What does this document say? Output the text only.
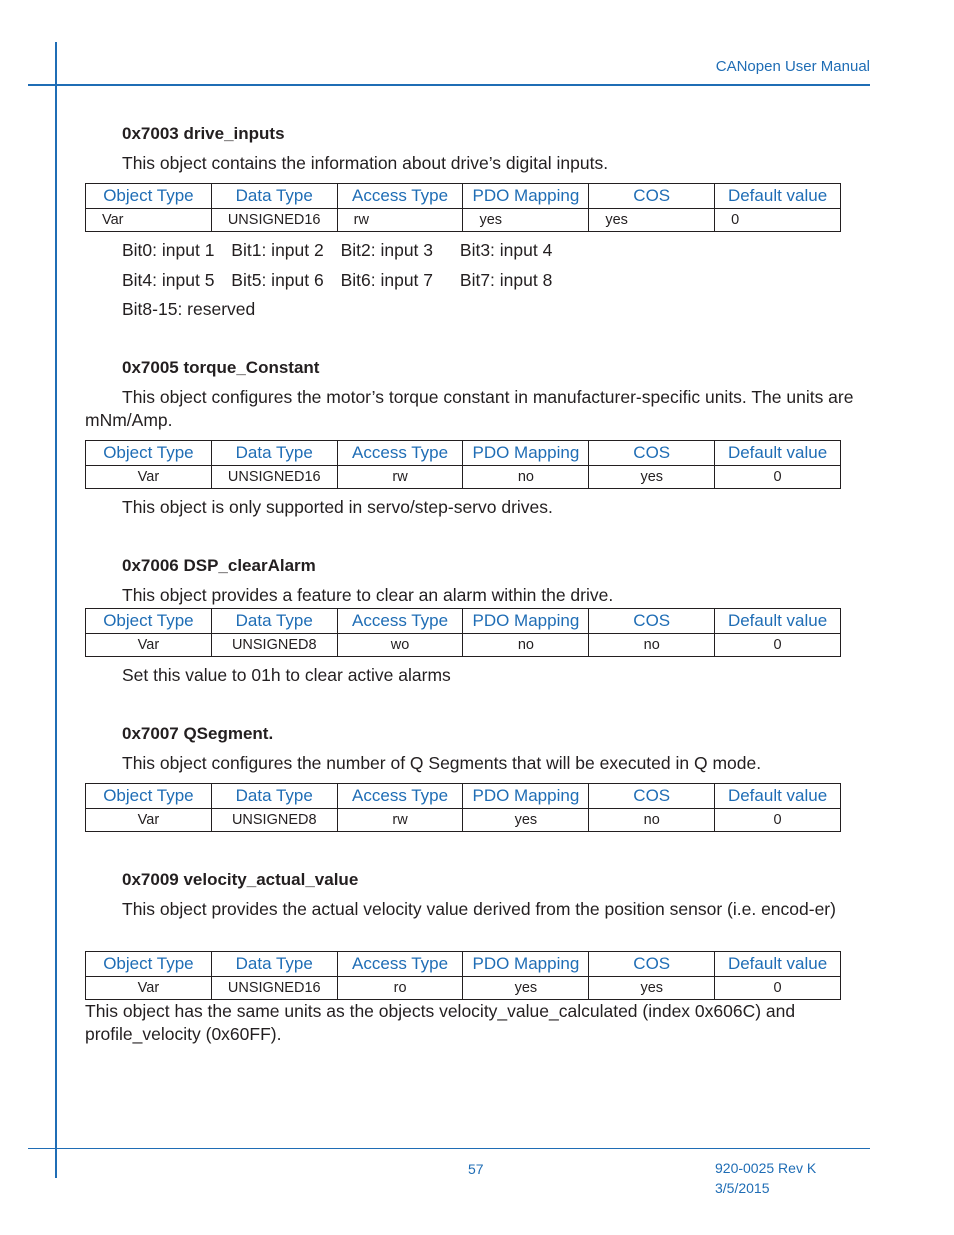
CANopen User Manual
0x7003 drive_inputs
This object contains the information about drive’s digital inputs.
Object Type	Data Type	Access Type	PDO Mapping	COS	Default value
Var	UNSIGNED16	rw	yes	yes	0
Bit0: input 1 Bit1: input 2 Bit2: input 3 Bit3: input 4
Bit4: input 5 Bit5: input 6 Bit6: input 7 Bit7: input 8
Bit8-15: reserved
0x7005 torque_Constant
This object configures the motor’s torque constant in manufacturer-specific units. The units are mNm/Amp.
Object Type	Data Type	Access Type	PDO Mapping	COS	Default value
Var	UNSIGNED16	rw	no	yes	0
This object is only supported in servo/step-servo drives.
0x7006 DSP_clearAlarm
This object provides a feature to clear an alarm within the drive.
Object Type	Data Type	Access Type	PDO Mapping	COS	Default value
Var	UNSIGNED8	wo	no	no	0
Set this value to 01h to clear active alarms
0x7007 QSegment.
This object configures the number of Q Segments that will be executed in Q mode.
Object Type	Data Type	Access Type	PDO Mapping	COS	Default value
Var	UNSIGNED8	rw	yes	no	0
0x7009 velocity_actual_value
This object provides the actual velocity value derived from the position sensor (i.e. encod-er)
Object Type	Data Type	Access Type	PDO Mapping	COS	Default value
Var	UNSIGNED16	ro	yes	yes	0
This object has the same units as the objects velocity_value_calculated (index 0x606C) and profile_velocity (0x60FF).
57	920-0025 Rev K
3/5/2015
